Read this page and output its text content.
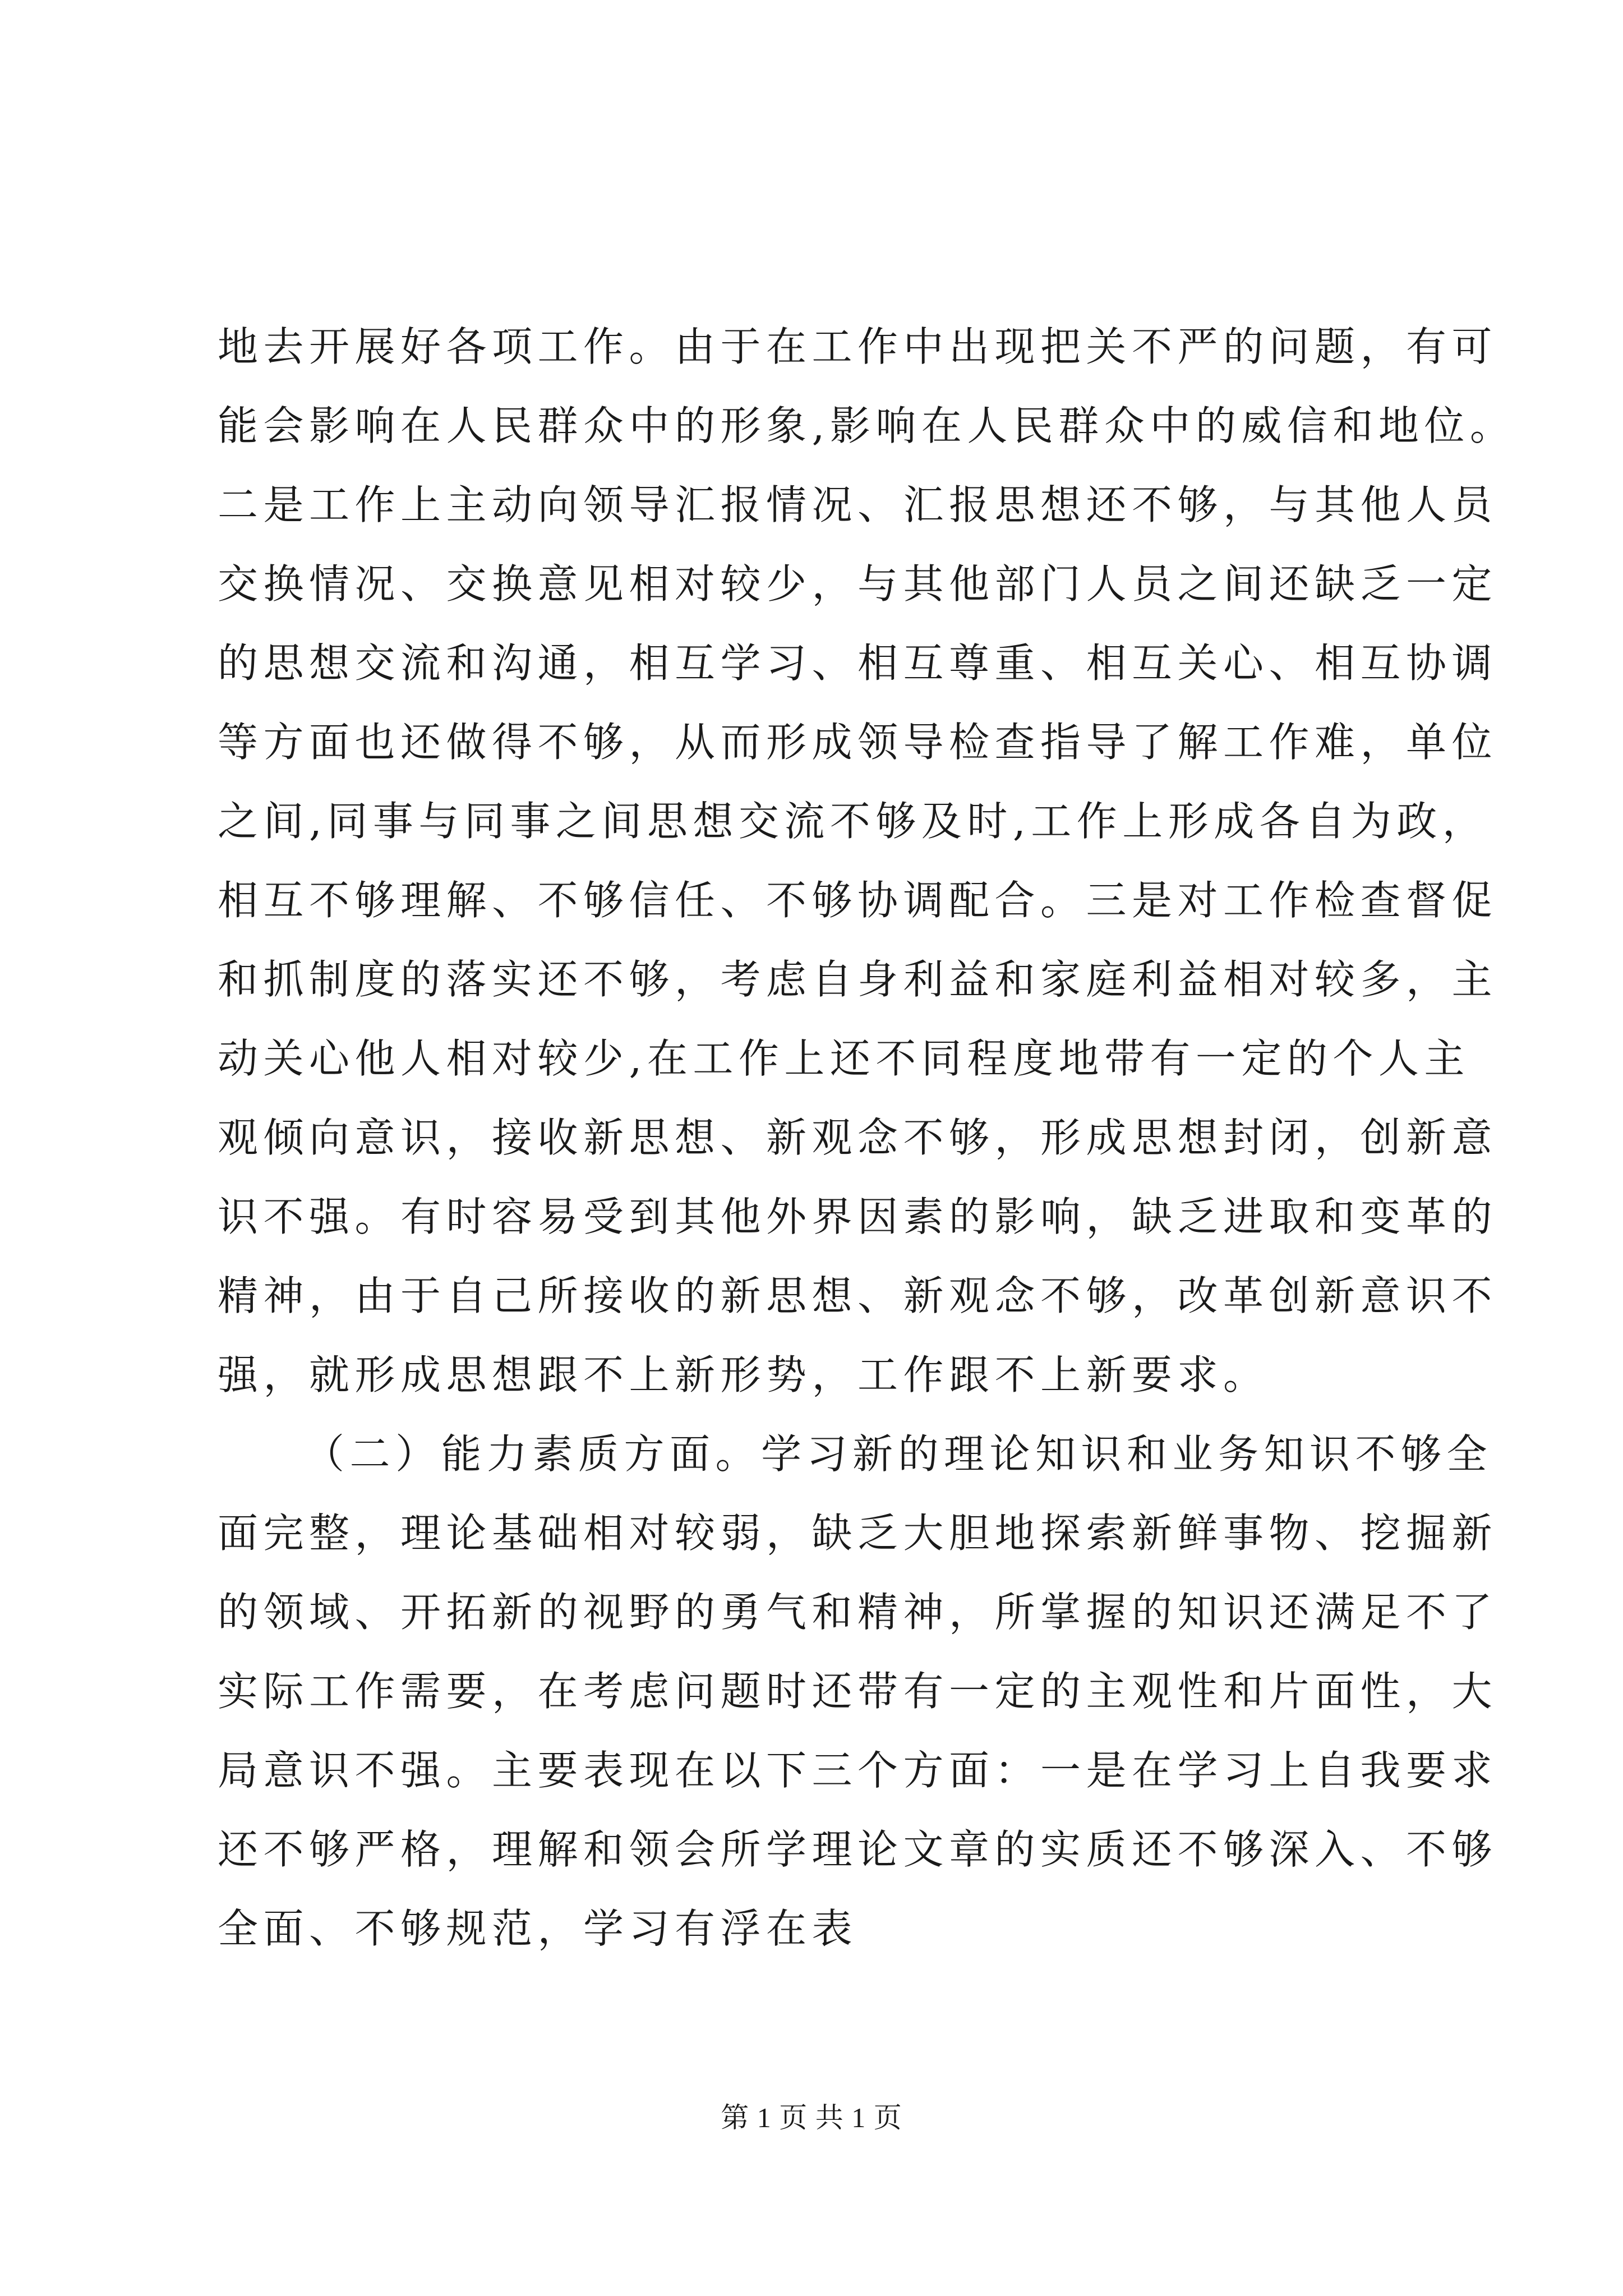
地去开展好各项工作。由于在工作中出现把关不严的问题，有可
能会影响在人民群众中的形象,影响在人民群众中的威信和地位。
二是工作上主动向领导汇报情况、汇报思想还不够，与其他人员
交换情况、交换意见相对较少，与其他部门人员之间还缺乏一定
的思想交流和沟通，相互学习、相互尊重、相互关心、相互协调
等方面也还做得不够，从而形成领导检查指导了解工作难，单位
之间,同事与同事之间思想交流不够及时,工作上形成各自为政，
相互不够理解、不够信任、不够协调配合。三是对工作检查督促
和抓制度的落实还不够，考虑自身利益和家庭利益相对较多，主
动关心他人相对较少,在工作上还不同程度地带有一定的个人主
观倾向意识，接收新思想、新观念不够，形成思想封闭，创新意
识不强。有时容易受到其他外界因素的影响，缺乏进取和变革的
精神，由于自己所接收的新思想、新观念不够，改革创新意识不
强，就形成思想跟不上新形势，工作跟不上新要求。
（二）能力素质方面。学习新的理论知识和业务知识不够全
面完整，理论基础相对较弱，缺乏大胆地探索新鲜事物、挖掘新
的领域、开拓新的视野的勇气和精神，所掌握的知识还满足不了
实际工作需要，在考虑问题时还带有一定的主观性和片面性，大
局意识不强。主要表现在以下三个方面：一是在学习上自我要求
还不够严格，理解和领会所学理论文章的实质还不够深入、不够
全面、不够规范，学习有浮在表
第 1 页 共 1 页
